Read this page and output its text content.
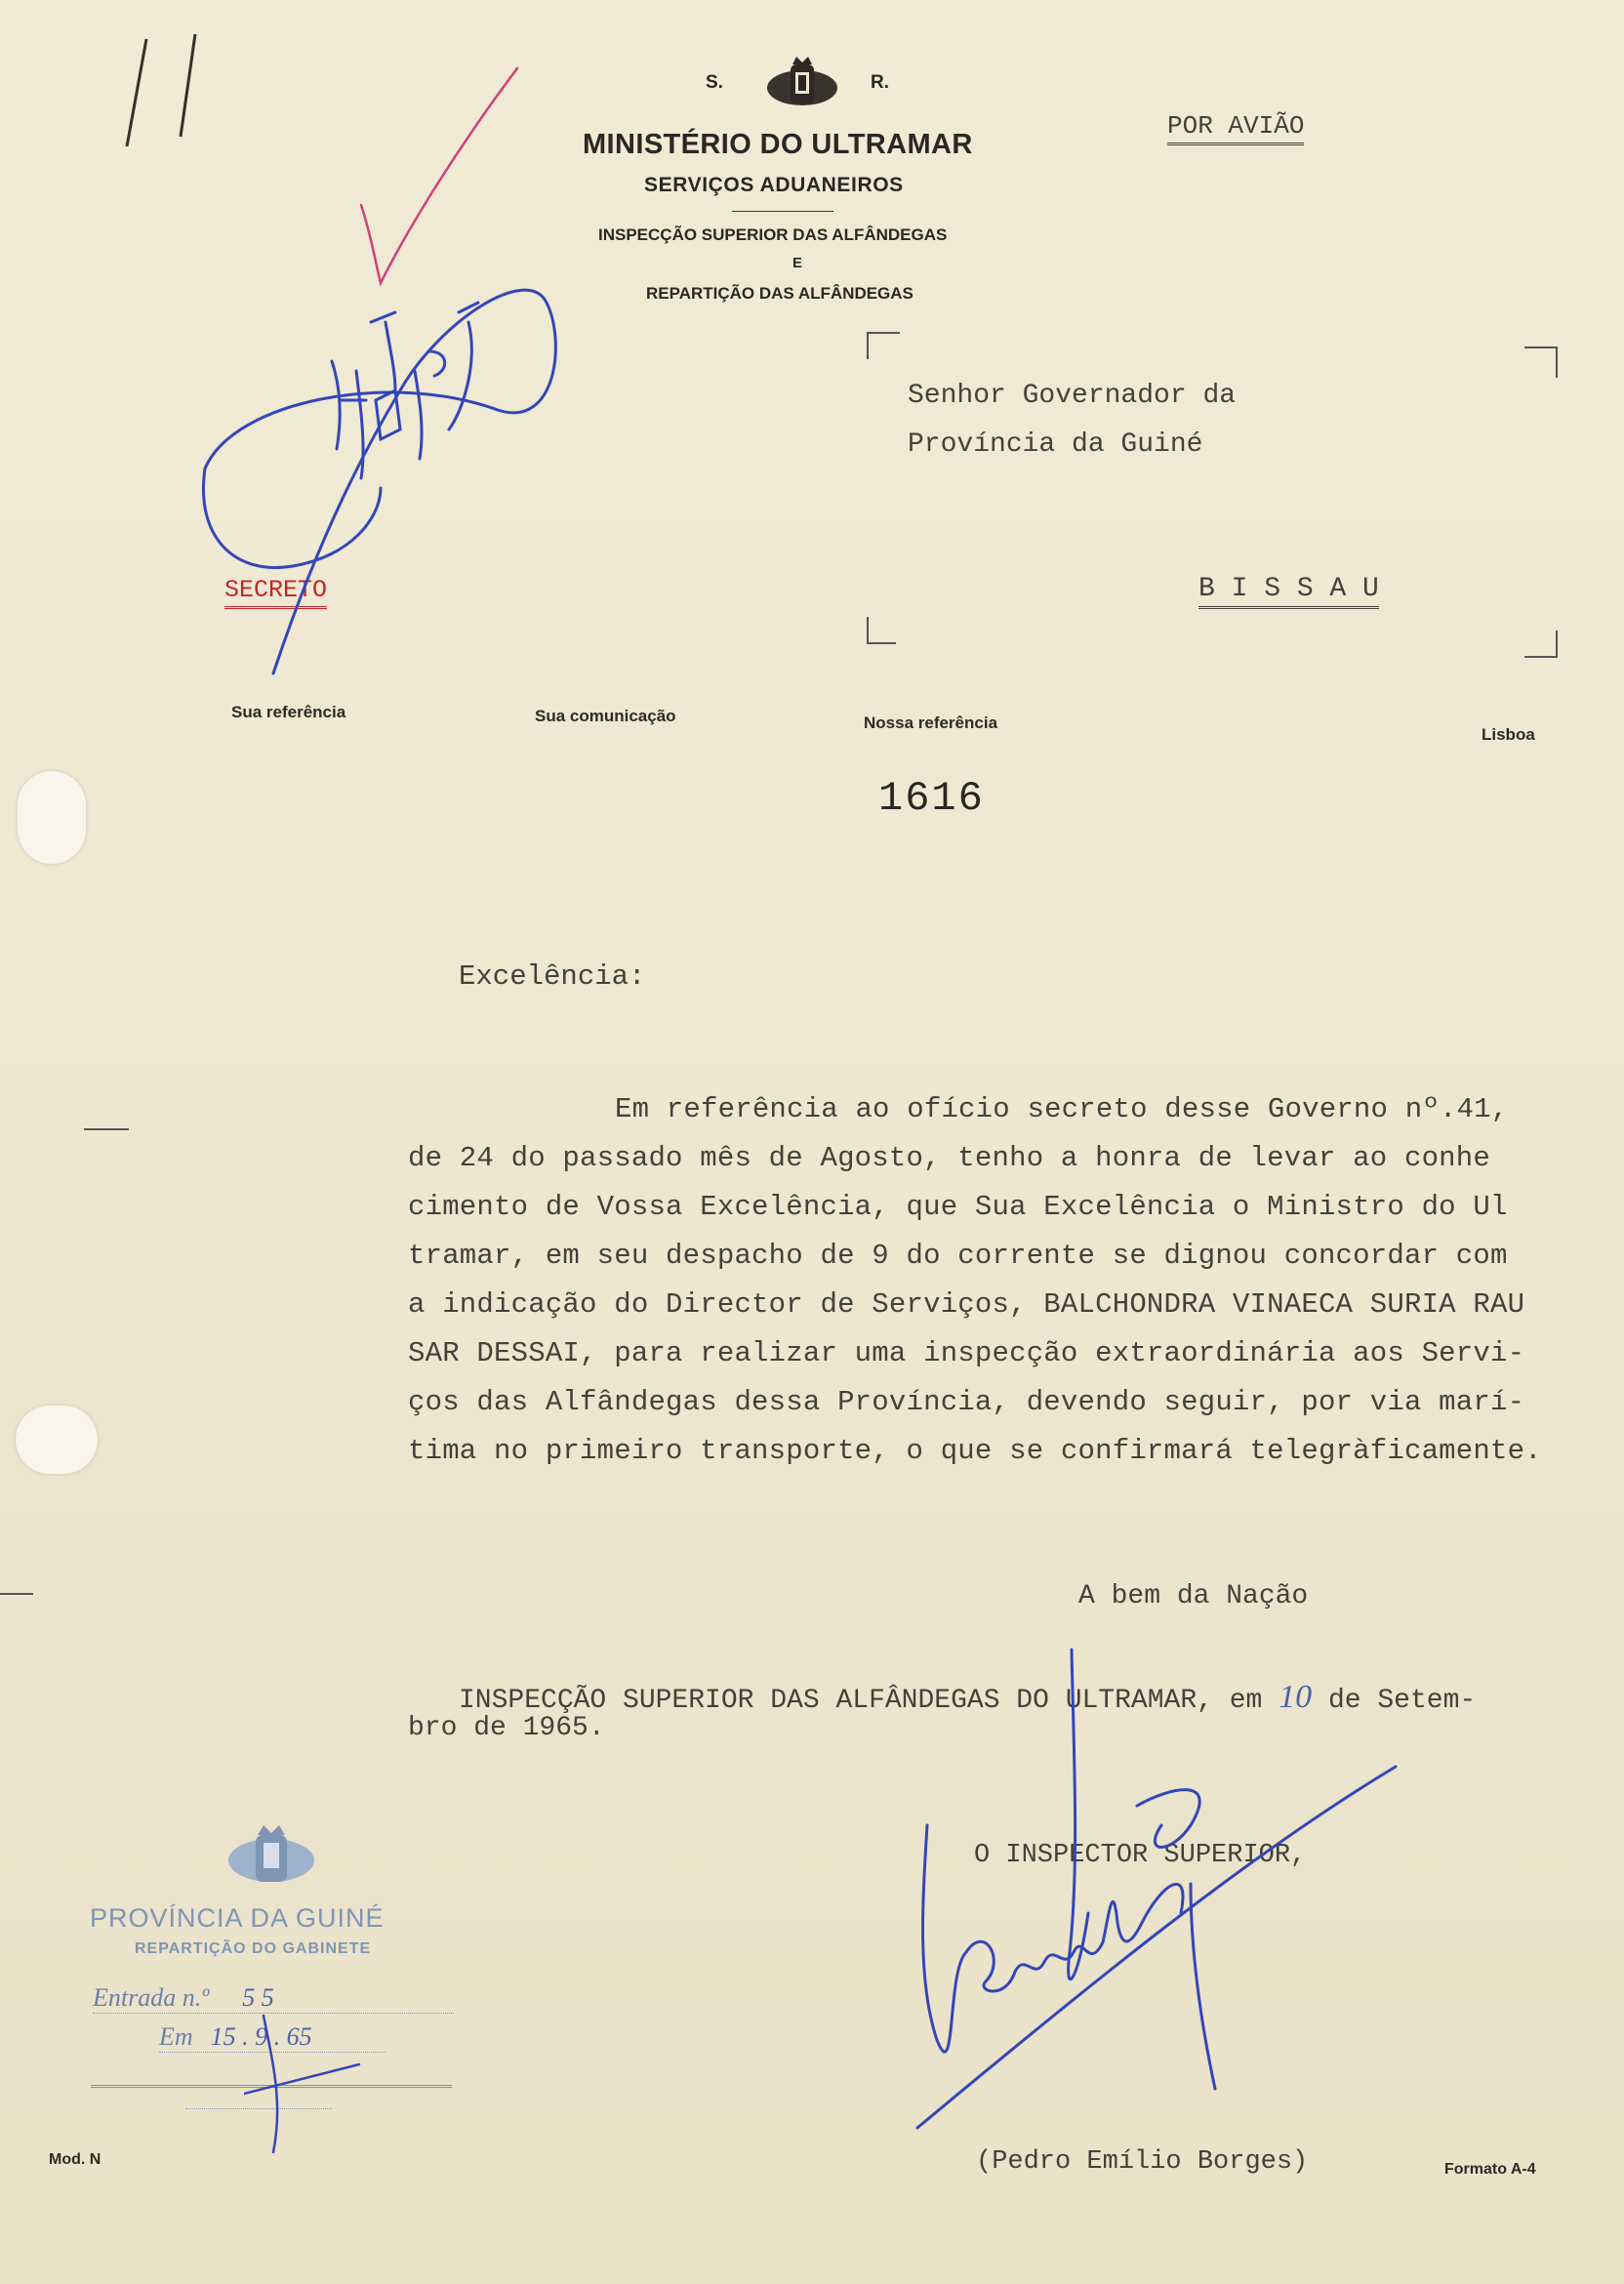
S.	R.
MINISTÉRIO DO ULTRAMAR
SERVIÇOS ADUANEIROS
INSPECÇÃO SUPERIOR DAS ALFÂNDEGAS
E
REPARTIÇÃO DAS ALFÂNDEGAS
POR AVIÃO
SECRETO
Senhor Governador da
Província da Guiné
B I S S A U
Sua referência	Sua comunicação	Nossa referência
Lisboa
1616
Excelência:
Em referência ao ofício secreto desse Governo nº.41,
de 24 do passado mês de Agosto, tenho a honra de levar ao conhe
cimento de Vossa Excelência, que Sua Excelência o Ministro do Ul
tramar, em seu despacho de 9 do corrente se dignou concordar com
a indicação do Director de Serviços, BALCHONDRA VINAECA SURIA RAU
SAR DESSAI, para realizar uma inspecção extraordinária aos Servi-
ços das Alfândegas dessa Província, devendo seguir, por via marí-
tima no primeiro transporte, o que se confirmará telegràficamente.
A bem da Nação
INSPECÇÃO SUPERIOR DAS ALFÂNDEGAS DO ULTRAMAR, em 10 de Setem-
bro de 1965.
O INSPECTOR SUPERIOR,
(Pedro Emílio Borges)
PROVÍNCIA DA GUINÉ
REPARTIÇÃO DO GABINETE
Entrada n.º 5 5
Em 15 . 9 . 65
Mod. N
Formato A-4
